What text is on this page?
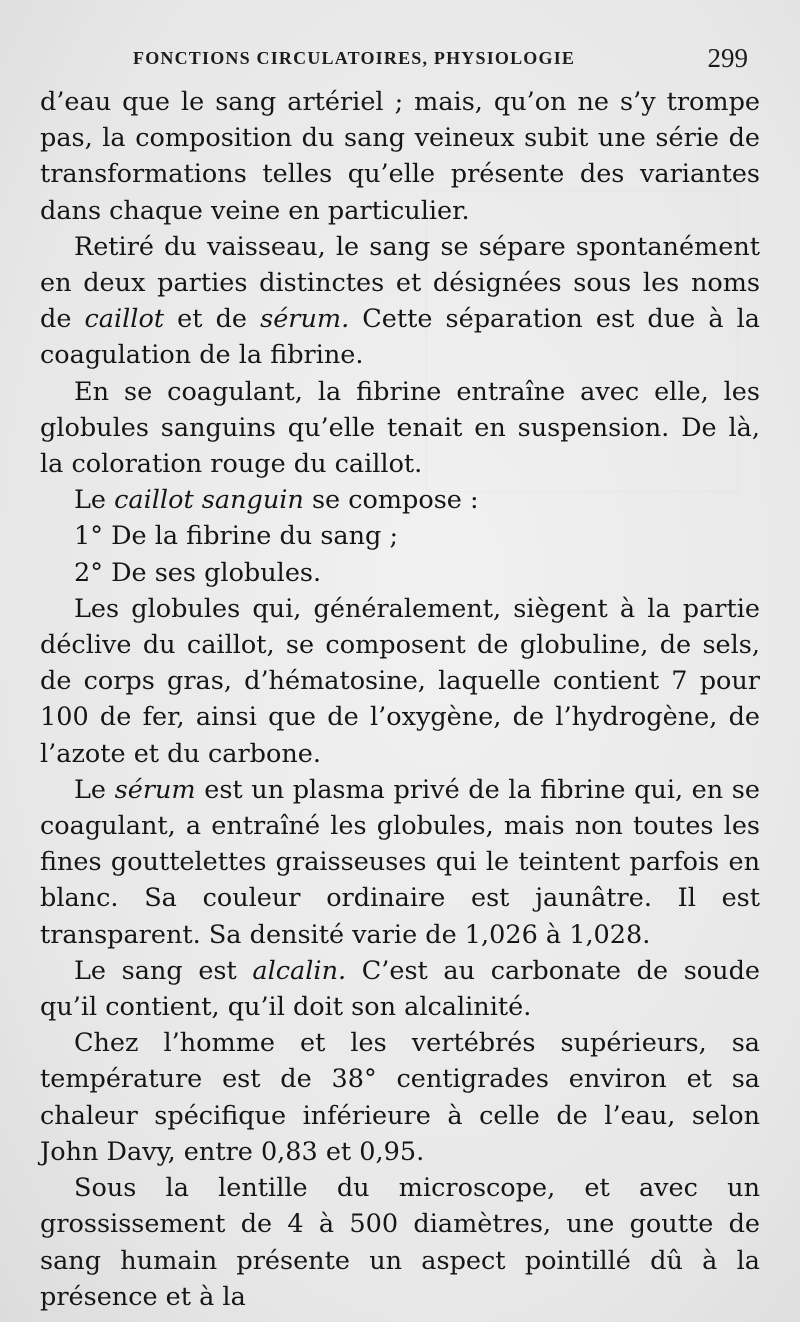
FONCTIONS CIRCULATOIRES, PHYSIOLOGIE	299

d’eau que le sang artériel ; mais, qu’on ne s’y trompe pas, la composition du sang veineux subit une série de transformations telles qu’elle présente des variantes dans chaque veine en particulier.

Retiré du vaisseau, le sang se sépare spontanément en deux parties distinctes et désignées sous les noms de caillot et de sérum. Cette séparation est due à la coagulation de la fibrine.

En se coagulant, la fibrine entraîne avec elle, les globules sanguins qu’elle tenait en suspension. De là, la coloration rouge du caillot.

Le caillot sanguin se compose :

1° De la fibrine du sang ;

2° De ses globules.

Les globules qui, généralement, siègent à la partie déclive du caillot, se composent de globuline, de sels, de corps gras, d’hématosine, laquelle contient 7 pour 100 de fer, ainsi que de l’oxygène, de l’hydrogène, de l’azote et du carbone.

Le sérum est un plasma privé de la fibrine qui, en se coagulant, a entraîné les globules, mais non toutes les fines gouttelettes graisseuses qui le teintent parfois en blanc. Sa couleur ordinaire est jaunâtre. Il est transparent. Sa densité varie de 1,026 à 1,028.

Le sang est alcalin. C’est au carbonate de soude qu’il contient, qu’il doit son alcalinité.

Chez l’homme et les vertébrés supérieurs, sa température est de 38° centigrades environ et sa chaleur spécifique inférieure à celle de l’eau, selon John Davy, entre 0,83 et 0,95.

Sous la lentille du microscope, et avec un grossissement de 4 à 500 diamètres, une goutte de sang humain présente un aspect pointillé dû à la présence et à la
